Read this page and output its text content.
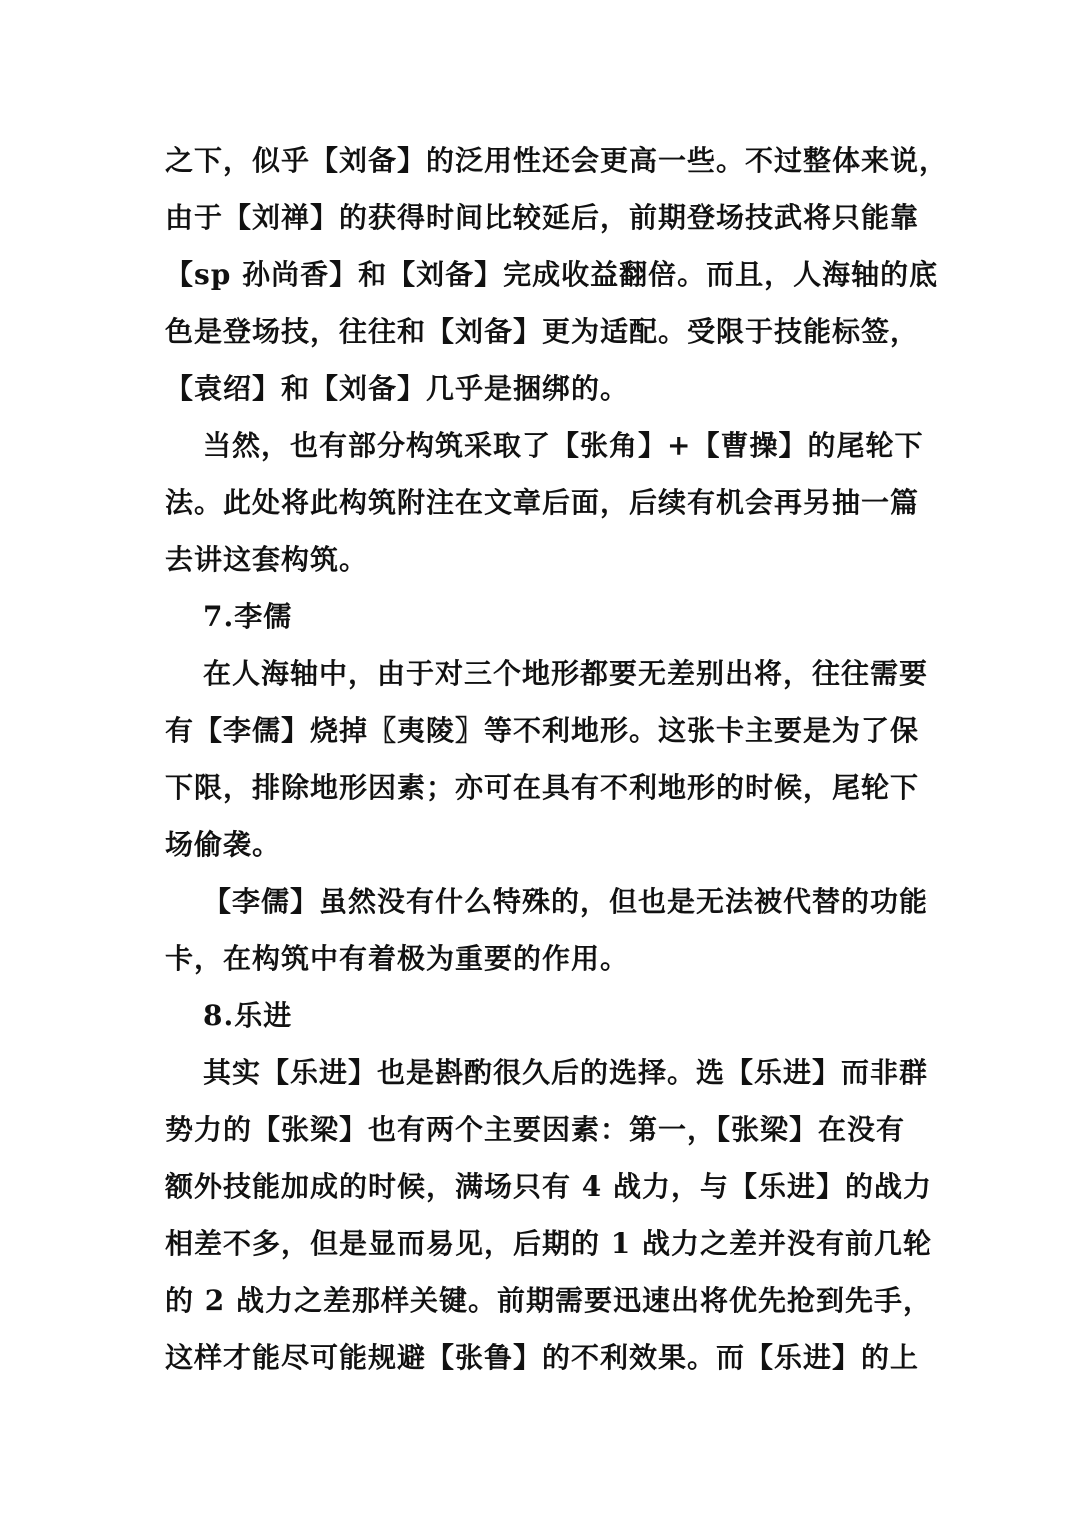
之下，似乎【刘备】的泛用性还会更高一些。不过整体来说，
由于【刘禅】的获得时间比较延后，前期登场技武将只能靠
【sp 孙尚香】和【刘备】完成收益翻倍。而且，人海轴的底
色是登场技，往往和【刘备】更为适配。受限于技能标签，
【袁绍】和【刘备】几乎是捆绑的。
当然，也有部分构筑采取了【张角】+【曹操】的尾轮下
法。此处将此构筑附注在文章后面，后续有机会再另抽一篇
去讲这套构筑。
7.李儒
在人海轴中，由于对三个地形都要无差别出将，往往需要
有【李儒】烧掉〖夷陵〗等不利地形。这张卡主要是为了保
下限，排除地形因素；亦可在具有不利地形的时候，尾轮下
场偷袭。
【李儒】虽然没有什么特殊的，但也是无法被代替的功能
卡，在构筑中有着极为重要的作用。
8.乐进
其实【乐进】也是斟酌很久后的选择。选【乐进】而非群
势力的【张梁】也有两个主要因素：第一，【张梁】在没有
额外技能加成的时候，满场只有 4 战力，与【乐进】的战力
相差不多，但是显而易见，后期的 1 战力之差并没有前几轮
的 2 战力之差那样关键。前期需要迅速出将优先抢到先手，
这样才能尽可能规避【张鲁】的不利效果。而【乐进】的上
